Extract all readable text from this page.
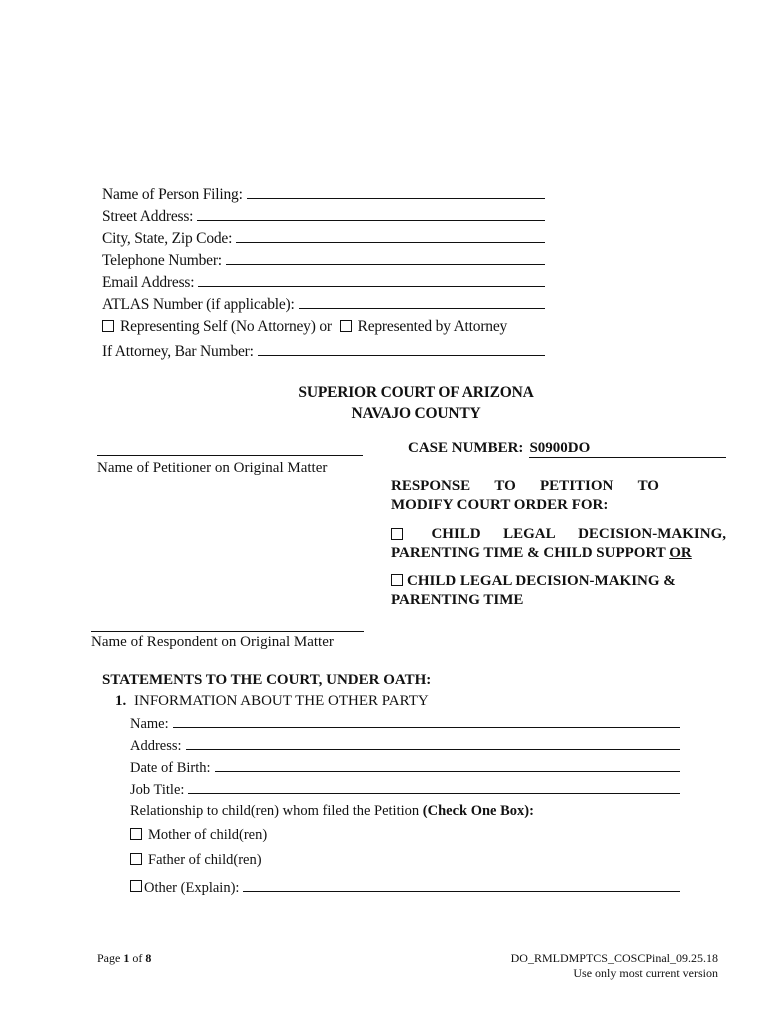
Name of Person Filing:
Street Address:
City, State, Zip Code:
Telephone Number:
Email Address:
ATLAS Number (if applicable):
Representing Self (No Attorney) or Represented by Attorney
If Attorney, Bar Number:
SUPERIOR COURT OF ARIZONA
NAVAJO COUNTY
Name of Petitioner on Original Matter
Name of Respondent on Original Matter
CASE NUMBER: S0900DO
RESPONSE TO PETITION TO
MODIFY COURT ORDER FOR:
CHILD LEGAL DECISION-MAKING,
PARENTING TIME & CHILD SUPPORT OR
CHILD LEGAL DECISION-MAKING &
PARENTING TIME
STATEMENTS TO THE COURT, UNDER OATH:
1. INFORMATION ABOUT THE OTHER PARTY
Name:
Address:
Date of Birth:
Job Title:
Relationship to child(ren) whom filed the Petition (Check One Box):
Mother of child(ren)
Father of child(ren)
Other (Explain):
Page 1 of 8	DO_RMLDMPTCS_COSCPinal_09.25.18
Use only most current version
